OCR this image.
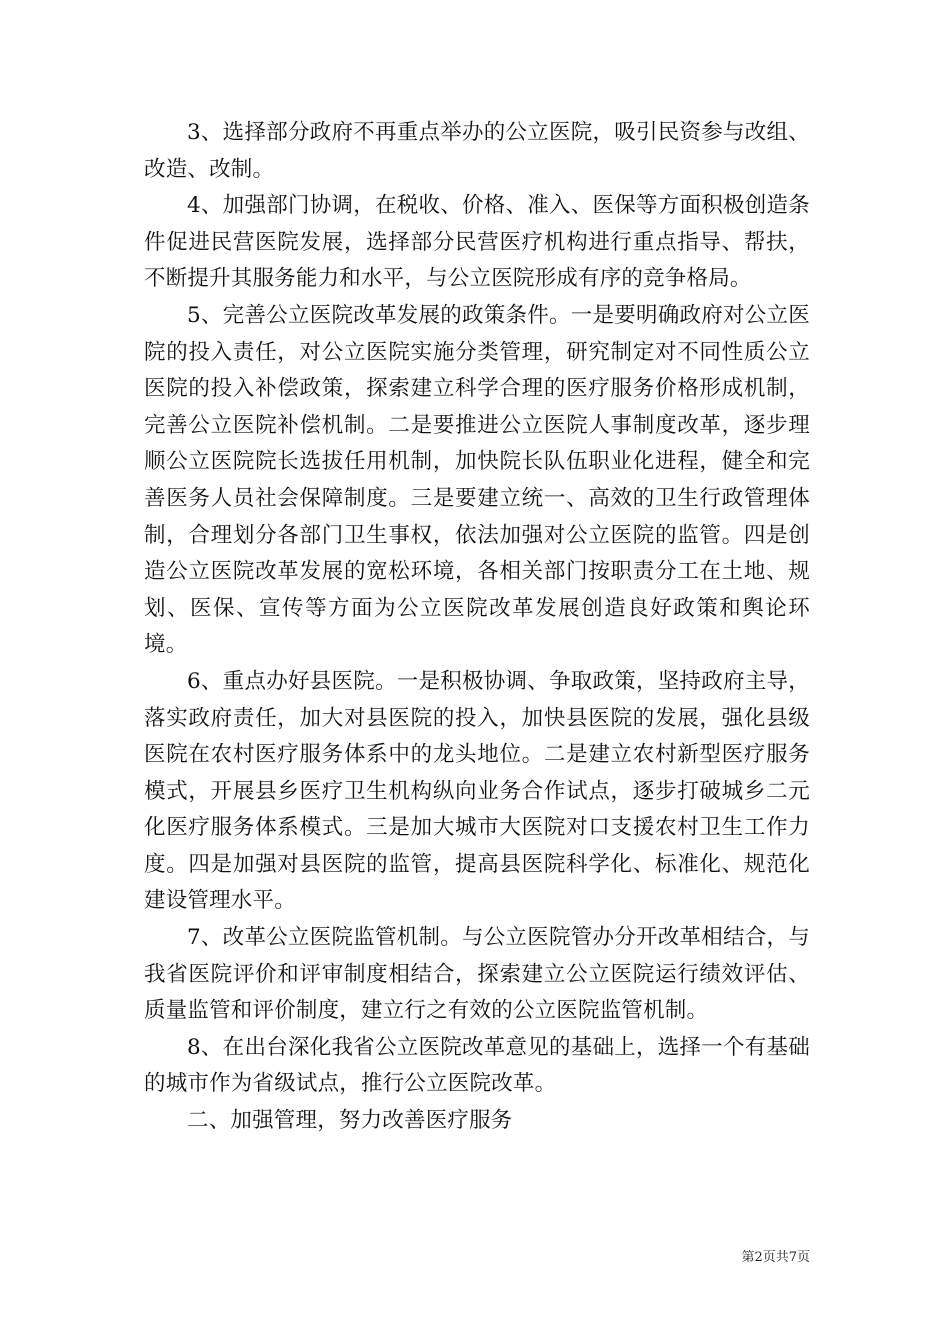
3、选择部分政府不再重点举办的公立医院，吸引民资参与改组、改造、改制。

4、加强部门协调，在税收、价格、准入、医保等方面积极创造条件促进民营医院发展，选择部分民营医疗机构进行重点指导、帮扶，不断提升其服务能力和水平，与公立医院形成有序的竞争格局。

5、完善公立医院改革发展的政策条件。一是要明确政府对公立医院的投入责任，对公立医院实施分类管理，研究制定对不同性质公立医院的投入补偿政策，探索建立科学合理的医疗服务价格形成机制，完善公立医院补偿机制。二是要推进公立医院人事制度改革，逐步理顺公立医院院长选拔任用机制，加快院长队伍职业化进程，健全和完善医务人员社会保障制度。三是要建立统一、高效的卫生行政管理体制，合理划分各部门卫生事权，依法加强对公立医院的监管。四是创造公立医院改革发展的宽松环境，各相关部门按职责分工在土地、规划、医保、宣传等方面为公立医院改革发展创造良好政策和舆论环境。

6、重点办好县医院。一是积极协调、争取政策，坚持政府主导，落实政府责任，加大对县医院的投入，加快县医院的发展，强化县级医院在农村医疗服务体系中的龙头地位。二是建立农村新型医疗服务模式，开展县乡医疗卫生机构纵向业务合作试点，逐步打破城乡二元化医疗服务体系模式。三是加大城市大医院对口支援农村卫生工作力度。四是加强对县医院的监管，提高县医院科学化、标准化、规范化建设管理水平。

7、改革公立医院监管机制。与公立医院管办分开改革相结合，与我省医院评价和评审制度相结合，探索建立公立医院运行绩效评估、质量监管和评价制度，建立行之有效的公立医院监管机制。

8、在出台深化我省公立医院改革意见的基础上，选择一个有基础的城市作为省级试点，推行公立医院改革。

二、加强管理，努力改善医疗服务

第2页共7页
